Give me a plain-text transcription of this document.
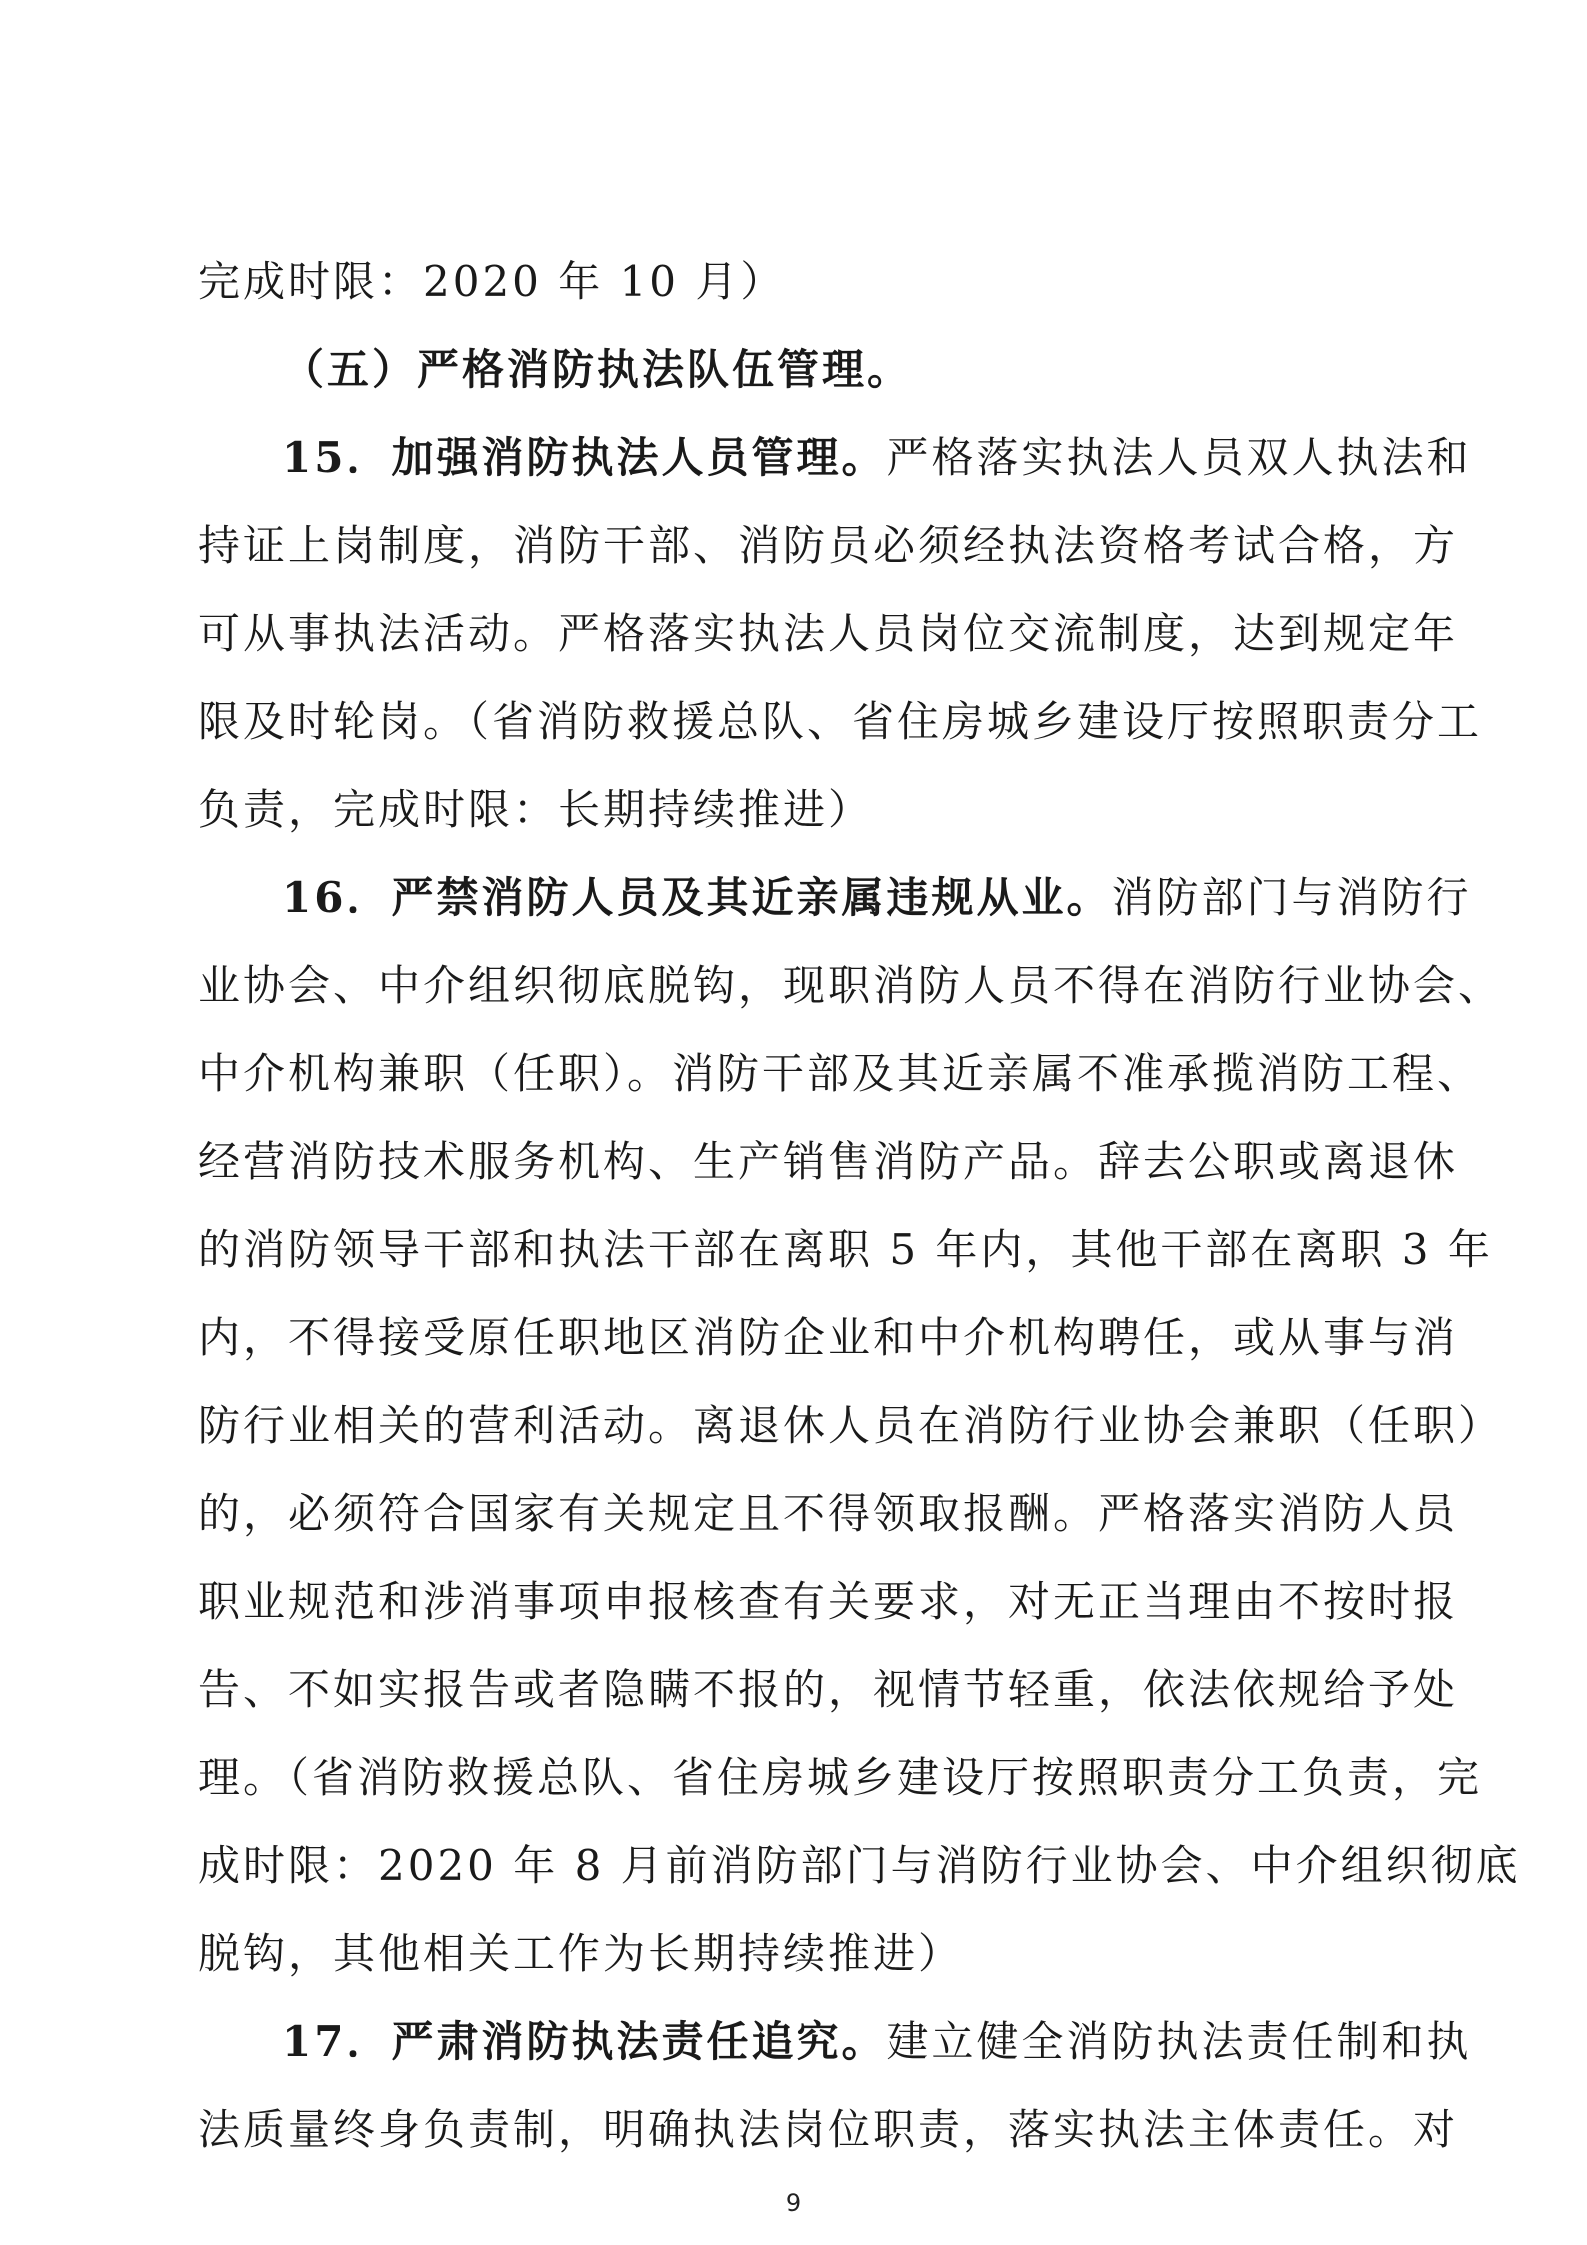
完成时限：2020 年 10 月）
（五）严格消防执法队伍管理。
15．加强消防执法人员管理。严格落实执法人员双人执法和
持证上岗制度，消防干部、消防员必须经执法资格考试合格，方
可从事执法活动。严格落实执法人员岗位交流制度，达到规定年
限及时轮岗。（省消防救援总队、省住房城乡建设厅按照职责分工
负责，完成时限：长期持续推进）
16．严禁消防人员及其近亲属违规从业。消防部门与消防行
业协会、中介组织彻底脱钩，现职消防人员不得在消防行业协会、
中介机构兼职（任职）。消防干部及其近亲属不准承揽消防工程、
经营消防技术服务机构、生产销售消防产品。辞去公职或离退休
的消防领导干部和执法干部在离职 5 年内，其他干部在离职 3 年
内，不得接受原任职地区消防企业和中介机构聘任，或从事与消
防行业相关的营利活动。离退休人员在消防行业协会兼职（任职）
的，必须符合国家有关规定且不得领取报酬。严格落实消防人员
职业规范和涉消事项申报核查有关要求，对无正当理由不按时报
告、不如实报告或者隐瞒不报的，视情节轻重，依法依规给予处
理。（省消防救援总队、省住房城乡建设厅按照职责分工负责，完
成时限：2020 年 8 月前消防部门与消防行业协会、中介组织彻底
脱钩，其他相关工作为长期持续推进）
17．严肃消防执法责任追究。建立健全消防执法责任制和执
法质量终身负责制，明确执法岗位职责，落实执法主体责任。对
9
